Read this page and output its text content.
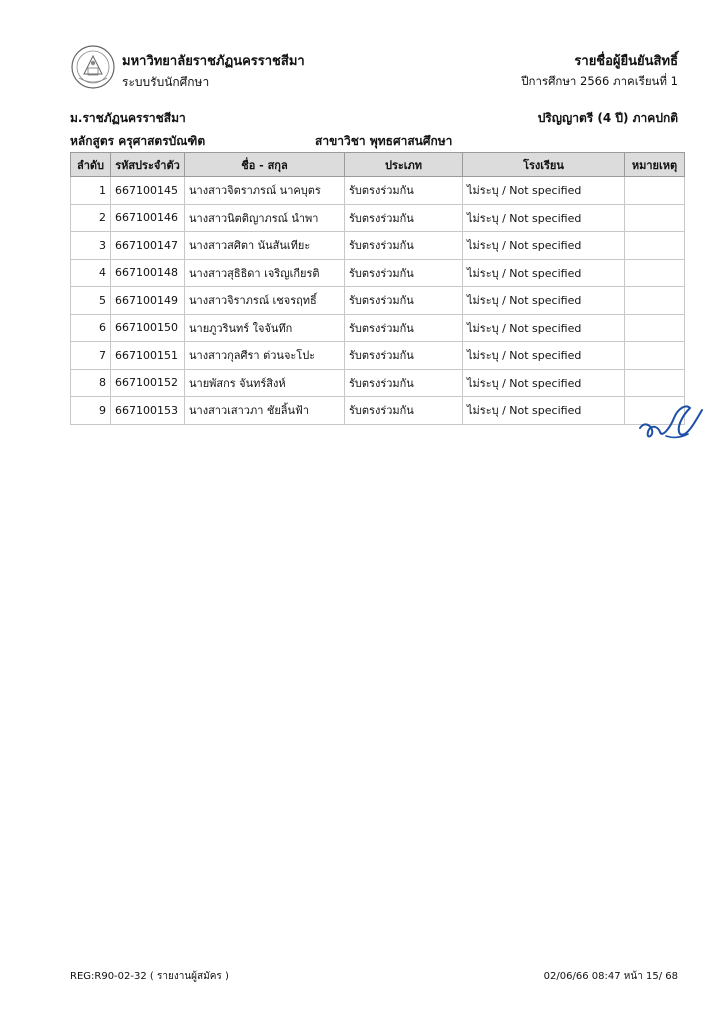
มหาวิทยาลัยราชภัฏนครราชสีมา
ระบบรับนักศึกษา
รายชื่อผู้ยืนยันสิทธิ์
ปีการศึกษา 2566 ภาคเรียนที่ 1
ม.ราชภัฏนครราชสีมา	ปริญญาตรี (4 ปี) ภาคปกติ
หลักสูตร ครุศาสตรบัณฑิต	สาขาวิชา พุทธศาสนศึกษา
ลำดับ	รหัสประจำตัว	ชื่อ - สกุล	ประเภท	โรงเรียน	หมายเหตุ
1	667100145	นางสาวจิตราภรณ์ นาคบุตร	รับตรงร่วมกัน	ไม่ระบุ / Not specified	
2	667100146	นางสาวนิตติญาภรณ์ นำพา	รับตรงร่วมกัน	ไม่ระบุ / Not specified	
3	667100147	นางสาวสศิตา นันสันเทียะ	รับตรงร่วมกัน	ไม่ระบุ / Not specified	
4	667100148	นางสาวสุธิธิดา เจริญเกียรติ	รับตรงร่วมกัน	ไม่ระบุ / Not specified	
5	667100149	นางสาวจิราภรณ์ เชจรฤทธิ์	รับตรงร่วมกัน	ไม่ระบุ / Not specified	
6	667100150	นายภูวรินทร์ ใจจันทึก	รับตรงร่วมกัน	ไม่ระบุ / Not specified	
7	667100151	นางสาวกุลศีรา ต่วนจะโปะ	รับตรงร่วมกัน	ไม่ระบุ / Not specified	
8	667100152	นายพัสกร จันทร์สิงห์	รับตรงร่วมกัน	ไม่ระบุ / Not specified	
9	667100153	นางสาวเสาวภา ชัยลิ้นฟ้า	รับตรงร่วมกัน	ไม่ระบุ / Not specified	
REG:R90-02-32 ( รายงานผู้สมัคร )	02/06/66 08:47 หน้า 15/ 68
